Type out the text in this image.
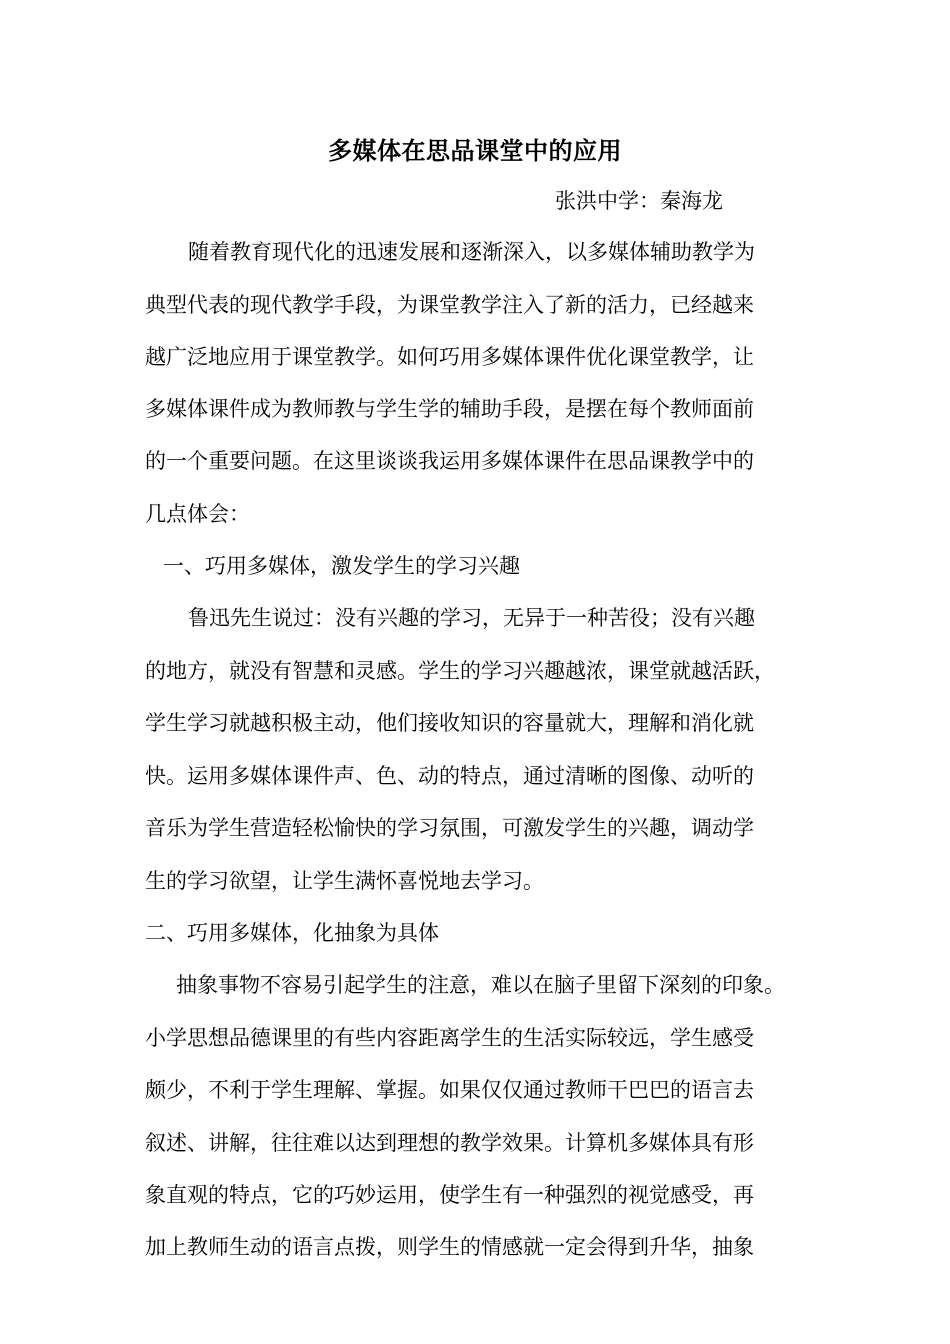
多媒体在思品课堂中的应用
张洪中学：秦海龙
随着教育现代化的迅速发展和逐渐深入，以多媒体辅助教学为
典型代表的现代教学手段，为课堂教学注入了新的活力，已经越来
越广泛地应用于课堂教学。如何巧用多媒体课件优化课堂教学，让
多媒体课件成为教师教与学生学的辅助手段，是摆在每个教师面前
的一个重要问题。在这里谈谈我运用多媒体课件在思品课教学中的
几点体会：
一、巧用多媒体，激发学生的学习兴趣
鲁迅先生说过：没有兴趣的学习，无异于一种苦役；没有兴趣
的地方，就没有智慧和灵感。学生的学习兴趣越浓，课堂就越活跃，
学生学习就越积极主动，他们接收知识的容量就大，理解和消化就
快。运用多媒体课件声、色、动的特点，通过清晰的图像、动听的
音乐为学生营造轻松愉快的学习氛围，可激发学生的兴趣，调动学
生的学习欲望，让学生满怀喜悦地去学习。
二、巧用多媒体，化抽象为具体
抽象事物不容易引起学生的注意，难以在脑子里留下深刻的印象。
小学思想品德课里的有些内容距离学生的生活实际较远，学生感受
颇少，不利于学生理解、掌握。如果仅仅通过教师干巴巴的语言去
叙述、讲解，往往难以达到理想的教学效果。计算机多媒体具有形
象直观的特点，它的巧妙运用，使学生有一种强烈的视觉感受，再
加上教师生动的语言点拨，则学生的情感就一定会得到升华，抽象
